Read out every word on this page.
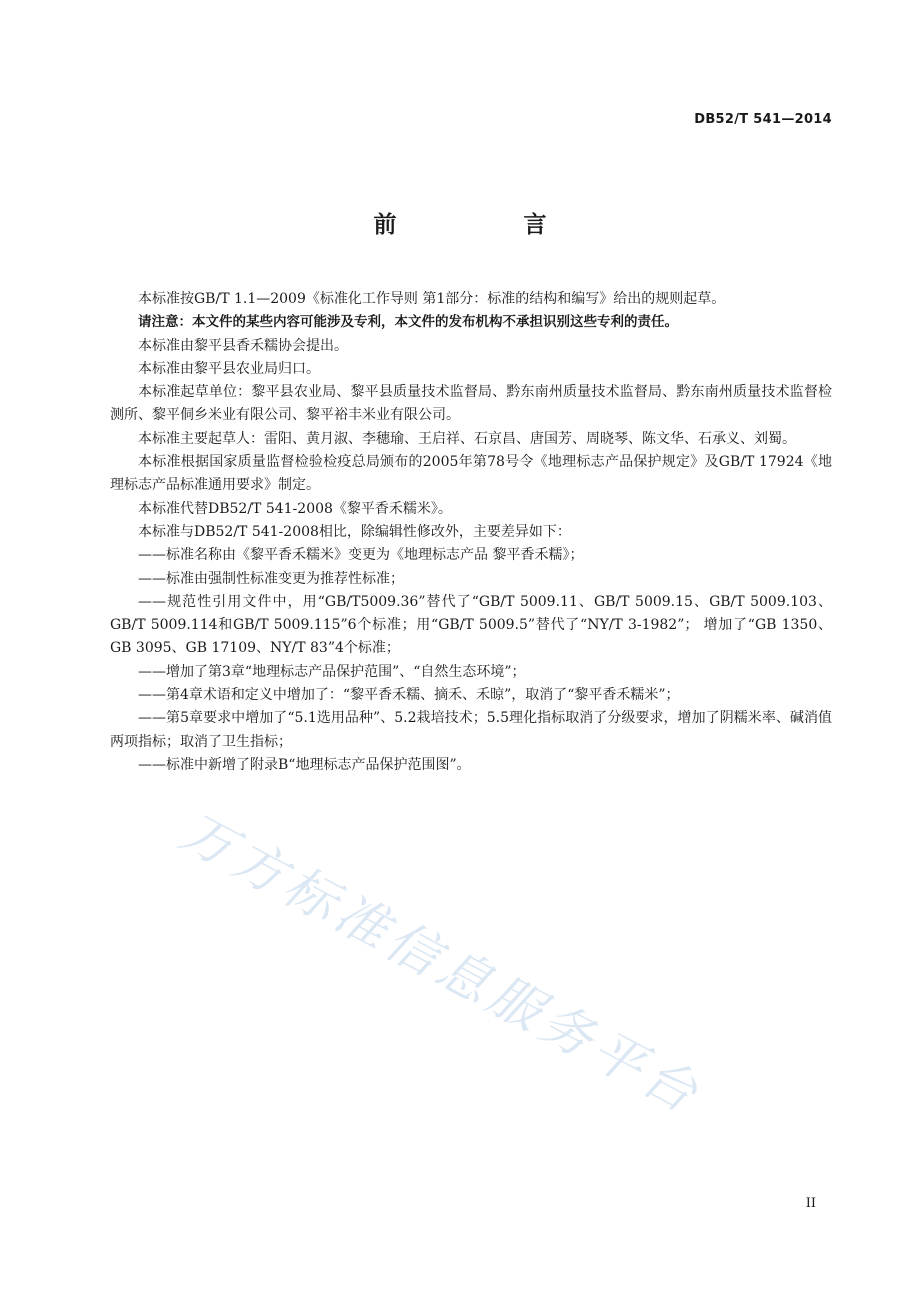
DB52/T 541—2014
前　言

本标准按GB/T 1.1—2009《标准化工作导则 第1部分：标准的结构和编写》给出的规则起草。

请注意：本文件的某些内容可能涉及专利，本文件的发布机构不承担识别这些专利的责任。

本标准由黎平县香禾糯协会提出。

本标准由黎平县农业局归口。

本标准起草单位：黎平县农业局、黎平县质量技术监督局、黔东南州质量技术监督局、黔东南州质量技术监督检测所、黎平侗乡米业有限公司、黎平裕丰米业有限公司。

本标准主要起草人：雷阳、黄月淑、李穗瑜、王启祥、石京昌、唐国芳、周晓琴、陈文华、石承义、刘蜀。

本标准根据国家质量监督检验检疫总局颁布的2005年第78号令《地理标志产品保护规定》及GB/T 17924《地理标志产品标准通用要求》制定。

本标准代替DB52/T 541-2008《黎平香禾糯米》。

本标准与DB52/T 541-2008相比，除编辑性修改外，主要差异如下：

——标准名称由《黎平香禾糯米》变更为《地理标志产品 黎平香禾糯》；

——标准由强制性标准变更为推荐性标准；

——规范性引用文件中，用“GB/T5009.36”替代了“GB/T 5009.11、GB/T 5009.15、GB/T 5009.103、GB/T 5009.114和GB/T 5009.115”6个标准；用“GB/T 5009.5”替代了“NY/T 3-1982”； 增加了“GB 1350、GB 3095、GB 17109、NY/T 83”4个标准；

——增加了第3章“地理标志产品保护范围”、“自然生态环境”；

——第4章术语和定义中增加了：“黎平香禾糯、摘禾、禾晾”，取消了“黎平香禾糯米”；

——第5章要求中增加了“5.1选用品种”、5.2栽培技术；5.5理化指标取消了分级要求，增加了阴糯米率、碱消值两项指标；取消了卫生指标；

——标准中新增了附录B“地理标志产品保护范围图”。

万方标准信息服务平台
II
